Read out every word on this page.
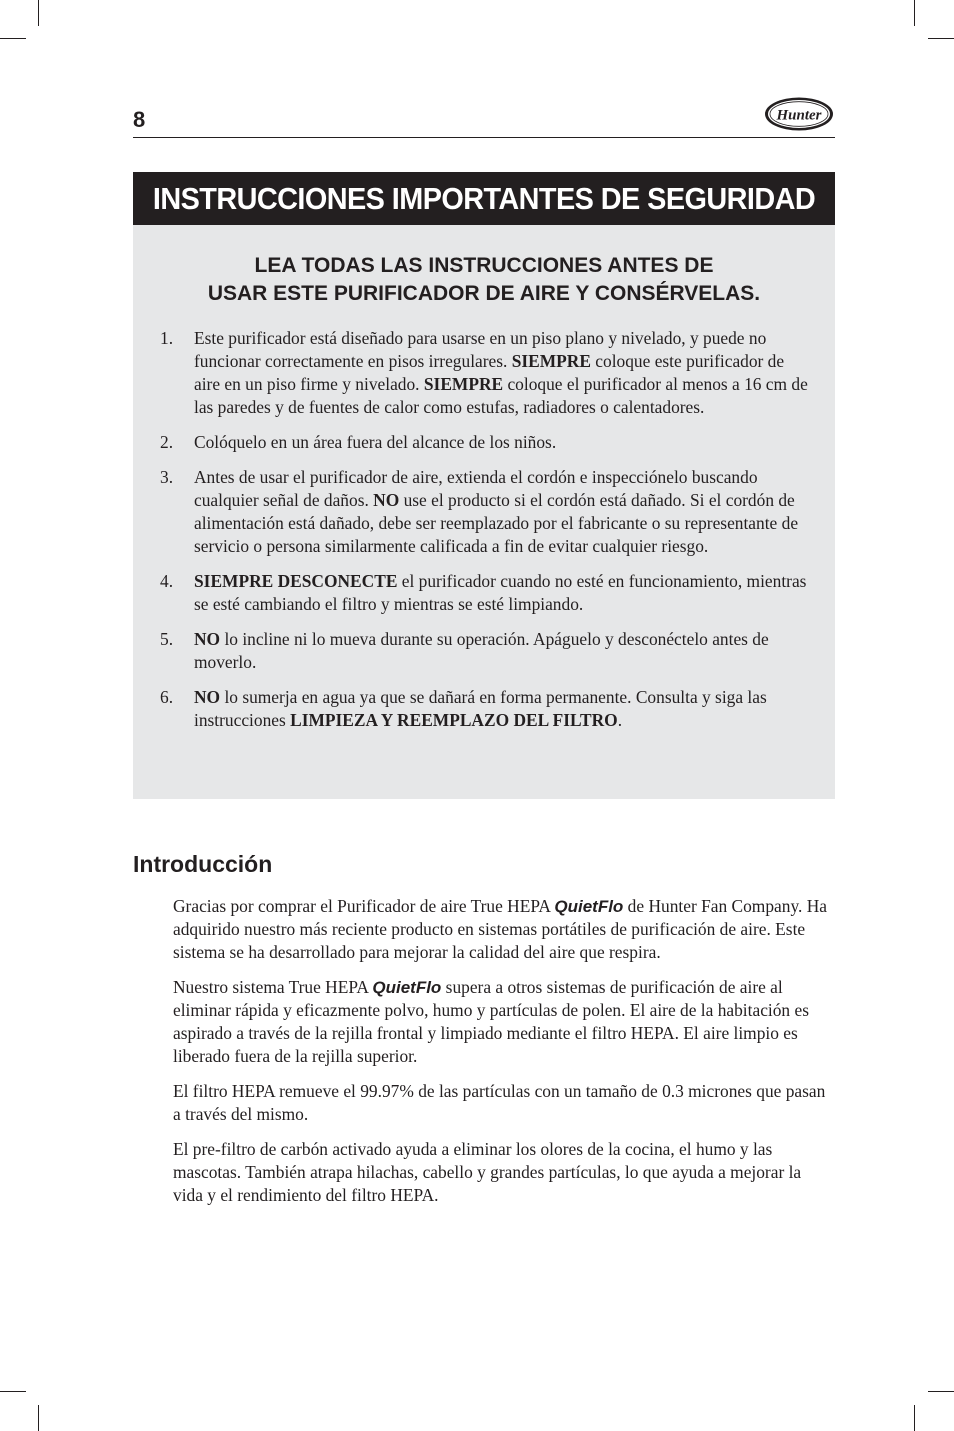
8	Hunter
INSTRUCCIONES IMPORTANTES DE SEGURIDAD
LEA TODAS LAS INSTRUCCIONES ANTES DE
USAR ESTE PURIFICADOR DE AIRE Y CONSÉRVELAS.
1. Este purificador está diseñado para usarse en un piso plano y nivelado, y puede no funcionar correctamente en pisos irregulares. SIEMPRE coloque este purificador de aire en un piso firme y nivelado. SIEMPRE coloque el purificador al menos a 16 cm de las paredes y de fuentes de calor como estufas, radiadores o calentadores.
2. Colóquelo en un área fuera del alcance de los niños.
3. Antes de usar el purificador de aire, extienda el cordón e inspecciónelo buscando cualquier señal de daños. NO use el producto si el cordón está dañado. Si el cordón de alimentación está dañado, debe ser reemplazado por el fabricante o su representante de servicio o persona similarmente calificada a fin de evitar cualquier riesgo.
4. SIEMPRE DESCONECTE el purificador cuando no esté en funcionamiento, mientras se esté cambiando el filtro y mientras se esté limpiando.
5. NO lo incline ni lo mueva durante su operación. Apáguelo y desconéctelo antes de moverlo.
6. NO lo sumerja en agua ya que se dañará en forma permanente. Consulta y siga las instrucciones LIMPIEZA Y REEMPLAZO DEL FILTRO.
Introducción

Gracias por comprar el Purificador de aire True HEPA QuietFlo de Hunter Fan Company. Ha adquirido nuestro más reciente producto en sistemas portátiles de purificación de aire. Este sistema se ha desarrollado para mejorar la calidad del aire que respira.

Nuestro sistema True HEPA QuietFlo supera a otros sistemas de purificación de aire al eliminar rápida y eficazmente polvo, humo y partículas de polen. El aire de la habitación es aspirado a través de la rejilla frontal y limpiado mediante el filtro HEPA. El aire limpio es liberado fuera de la rejilla superior.

El filtro HEPA remueve el 99.97% de las partículas con un tamaño de 0.3 micrones que pasan a través del mismo.

El pre-filtro de carbón activado ayuda a eliminar los olores de la cocina, el humo y las mascotas. También atrapa hilachas, cabello y grandes partículas, lo que ayuda a mejorar la vida y el rendimiento del filtro HEPA.
